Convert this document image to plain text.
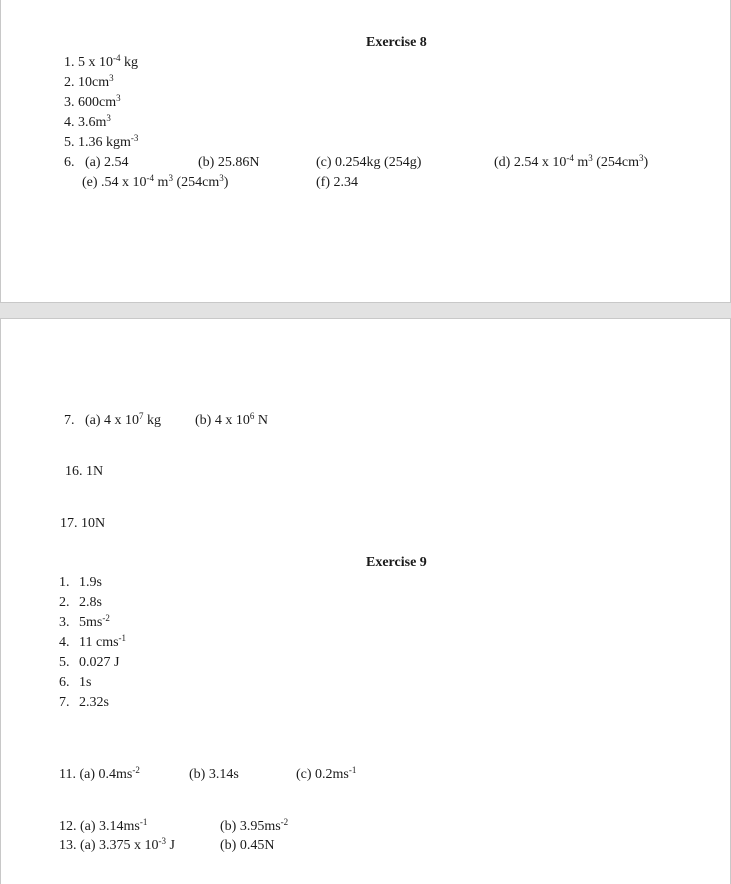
Exercise 8
1. 5 x $10^{-4}$ kg
2. $10cm^3$
3. $600cm^3$
4. $3.6m^3$
5. 1.36 kgm$^{-3}$
6. (a) 2.54	(b) 25.86N	(c) 0.254kg (254g)	(d) 2.54 x $10^{-4}$ $m^3$ $(254cm^3)$
(e) .54 x $10^{-4}$ $m^3$ $(254cm^3)$	(f) 2.34
7. (a) 4 x $10^7$ kg (b) 4 x $10^6$ N
16. 1N
17. 10N
Exercise 9
1. 1.9s
2. 2.8s
3. $5ms^{-2}$
4. 11 cms$^{-1}$
5. 0.027 J
6. 1s
7. 2.32s
11. (a) $0.4ms^{-2}$	(b) 3.14s	(c) $0.2ms^{-1}$
12. (a) $3.14ms^{-1}$	(b) $3.95ms^{-2}$
13. (a) 3.375 x $10^{-3}$ J	(b) 0.45N
